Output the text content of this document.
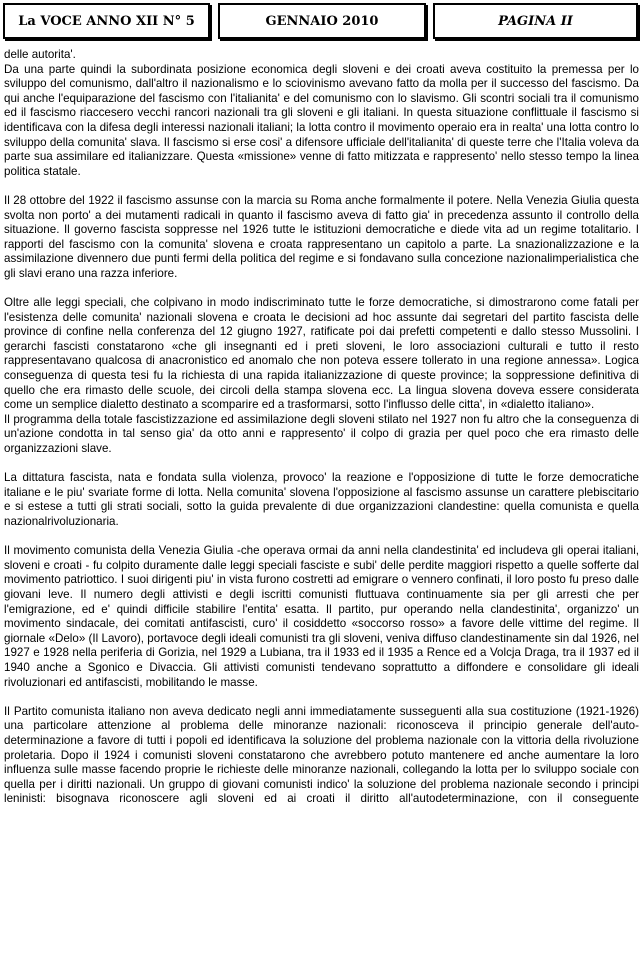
La VOCE ANNO XII N° 5	GENNAIO 2010	PAGINA II

delle autorita'.

Da una parte quindi la subordinata posizione economica degli sloveni e dei croati aveva costituito la premessa per lo sviluppo del comunismo, dall'altro il nazionalismo e lo sciovinismo avevano fatto da molla per il successo del fascismo. Da qui anche l'equiparazione del fascismo con l'italianita' e del comunismo con lo slavismo. Gli scontri sociali tra il comunismo ed il fascismo riaccesero vecchi rancori nazionali tra gli sloveni e gli italiani. In questa situazione conflittuale il fascismo si identificava con la difesa degli interessi nazionali italiani; la lotta contro il movimento operaio era in realta' una lotta contro lo sviluppo della comunita' slava. Il fascismo si erse cosi' a difensore ufficiale dell'italianita' di queste terre che l'Italia voleva da parte sua assimilare ed italianizzare. Questa «missione» venne di fatto mitizzata e rappresento' nello stesso tempo la linea politica statale.

Il 28 ottobre del 1922 il fascismo assunse con la marcia su Roma anche formalmente il potere. Nella Venezia Giulia questa svolta non porto' a dei mutamenti radicali in quanto il fascismo aveva di fatto gia' in precedenza assunto il controllo della situazione. Il governo fascista soppresse nel 1926 tutte le istituzioni democratiche e diede vita ad un regime totalitario. I rapporti del fascismo con la comunita' slovena e croata rappresentano un capitolo a parte. La snazionalizzazione e la assimilazione divennero due punti fermi della politica del regime e si fondavano sulla concezione nazionalimperialistica che gli slavi erano una razza inferiore.

Oltre alle leggi speciali, che colpivano in modo indiscriminato tutte le forze democratiche, si dimostrarono come fatali per l'esistenza delle comunita' nazionali slovena e croata le decisioni ad hoc assunte dai segretari del partito fascista delle province di confine nella conferenza del 12 giugno 1927, ratificate poi dai prefetti competenti e dallo stesso Mussolini. I gerarchi fascisti constatarono «che gli insegnanti ed i preti sloveni, le loro associazioni culturali e tutto il resto rappresentavano qualcosa di anacronistico ed anomalo che non poteva essere tollerato in una regione annessa». Logica conseguenza di questa tesi fu la richiesta di una rapida italianizzazione di queste province; la soppressione definitiva di quello che era rimasto delle scuole, dei circoli della stampa slovena ecc. La lingua slovena doveva essere considerata come un semplice dialetto destinato a scomparire ed a trasformarsi, sotto l'influsso delle citta', in «dialetto italiano».

Il programma della totale fascistizzazione ed assimilazione degli sloveni stilato nel 1927 non fu altro che la conseguenza di un'azione condotta in tal senso gia' da otto anni e rappresento' il colpo di grazia per quel poco che era rimasto delle organizzazioni slave.

La dittatura fascista, nata e fondata sulla violenza, provoco' la reazione e l'opposizione di tutte le forze democratiche italiane e le piu' svariate forme di lotta. Nella comunita' slovena l'opposizione al fascismo assunse un carattere plebiscitario e si estese a tutti gli strati sociali, sotto la guida prevalente di due organizzazioni clandestine: quella comunista e quella nazionalrivoluzionaria.

Il movimento comunista della Venezia Giulia -che operava ormai da anni nella clandestinita' ed includeva gli operai italiani, sloveni e croati - fu colpito duramente dalle leggi speciali fasciste e subi' delle perdite maggiori rispetto a quelle sofferte dal movimento patriottico. I suoi dirigenti piu' in vista furono costretti ad emigrare o vennero confinati, il loro posto fu preso dalle giovani leve. Il numero degli attivisti e degli iscritti comunisti fluttuava continuamente sia per gli arresti che per l'emigrazione, ed e' quindi difficile stabilire l'entita' esatta. Il partito, pur operando nella clandestinita', organizzo' un movimento sindacale, dei comitati antifascisti, curo' il cosiddetto «soccorso rosso» a favore delle vittime del regime. Il giornale «Delo» (Il Lavoro), portavoce degli ideali comunisti tra gli sloveni, veniva diffuso clandestinamente sin dal 1926, nel 1927 e 1928 nella periferia di Gorizia, nel 1929 a Lubiana, tra il 1933 ed il 1935 a Rence ed a Volcja Draga, tra il 1937 ed il 1940 anche a Sgonico e Divaccia. Gli attivisti comunisti tendevano soprattutto a diffondere e consolidare gli ideali rivoluzionari ed antifascisti, mobilitando le masse.

Il Partito comunista italiano non aveva dedicato negli anni immediatamente susseguenti alla sua costituzione (1921-1926) una particolare attenzione al problema delle minoranze nazionali: riconosceva il principio generale dell'auto- determinazione a favore di tutti i popoli ed identificava la soluzione del problema nazionale con la vittoria della rivoluzione proletaria. Dopo il 1924 i comunisti sloveni constatarono che avrebbero potuto mantenere ed anche aumentare la loro influenza sulle masse facendo proprie le richieste delle minoranze nazionali, collegando la lotta per lo sviluppo sociale con quella per i diritti nazionali. Un gruppo di giovani comunisti indico' la soluzione del problema nazionale secondo i principi leninisti: bisognava riconoscere agli sloveni ed ai croati il diritto all'autodeterminazione, con il conseguente
